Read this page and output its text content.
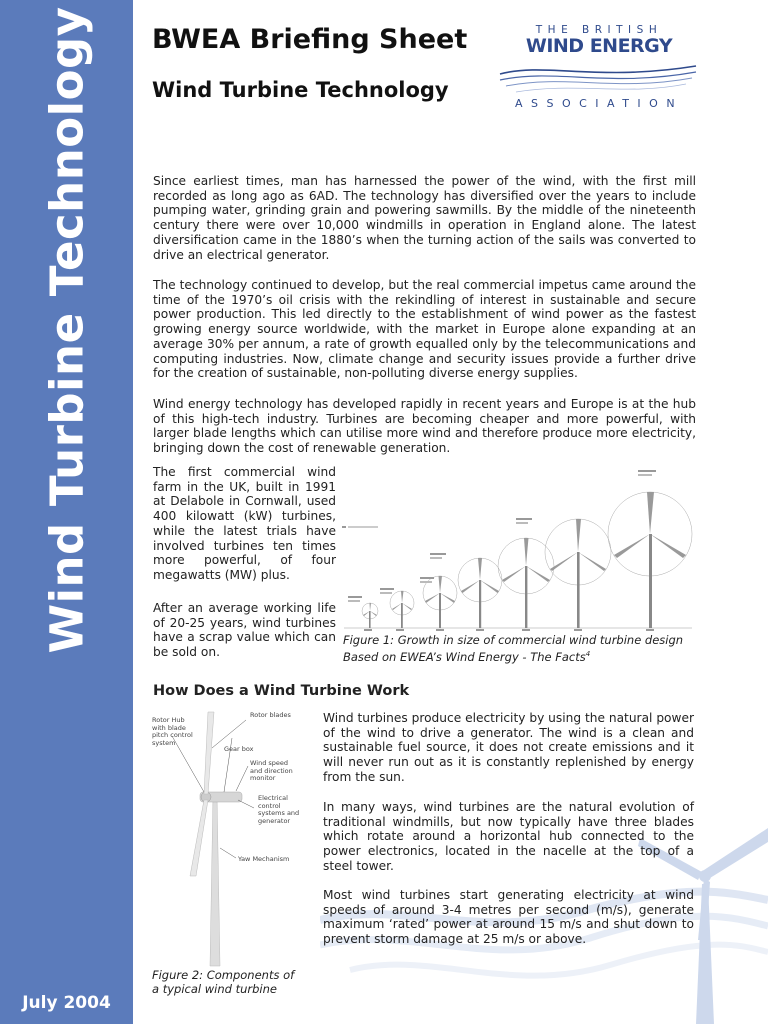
Wind Turbine Technology
July 2004
BWEA Briefing Sheet
Wind Turbine Technology
THE BRITISH
WIND ENERGY
ASSOCIATION

Since earliest times, man has harnessed the power of the wind, with the first mill recorded as long ago as 6AD. The technology has diversified over the years to include pumping water, grinding grain and powering sawmills. By the middle of the nineteenth century there were over 10,000 windmills in operation in England alone. The latest diversification came in the 1880’s when the turning action of the sails was converted to drive an electrical generator.

The technology continued to develop, but the real commercial impetus came around the time of the 1970’s oil crisis with the rekindling of interest in sustainable and secure power production. This led directly to the establishment of wind power as the fastest growing energy source worldwide, with the market in Europe alone expanding at an average 30% per annum, a rate of growth equalled only by the telecommunications and computing industries. Now, climate change and security issues provide a further drive for the creation of sustainable, non-polluting diverse energy supplies.

Wind energy technology has developed rapidly in recent years and Europe is at the hub of this high-tech industry. Turbines are becoming cheaper and more powerful, with larger blade lengths which can utilise more wind and therefore produce more electricity, bringing down the cost of renewable generation.

The first commercial wind farm in the UK, built in 1991 at Delabole in Cornwall, used 400 kilowatt (kW) turbines, while the latest trials have involved turbines ten times more powerful, of four megawatts (MW) plus.

After an average working life of 20-25 years, wind turbines have a scrap value which can be sold on.

Figure 1: Growth in size of commercial wind turbine design
Based on EWEA’s Wind Energy - The Facts$^4$
How Does a Wind Turbine Work
Rotor Hub with blade pitch control system
Rotor blades
Gear box
Wind speed and direction monitor
Electrical control systems and generator
Yaw Mechanism
Figure 2: Components of
a typical wind turbine

Wind turbines produce electricity by using the natural power of the wind to drive a generator. The wind is a clean and sustainable fuel source, it does not create emissions and it will never run out as it is constantly replenished by energy from the sun.

In many ways, wind turbines are the natural evolution of traditional windmills, but now typically have three blades which rotate around a horizontal hub connected to the power electronics, located in the nacelle at the top of a steel tower.

Most wind turbines start generating electricity at wind speeds of around 3-4 metres per second (m/s), generate maximum ‘rated’ power at around 15 m/s and shut down to prevent storm damage at 25 m/s or above.
